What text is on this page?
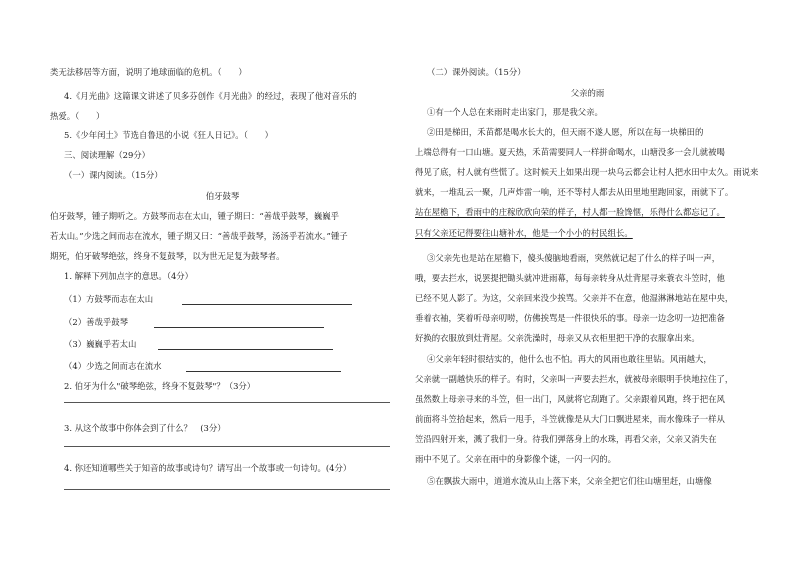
类无法移居等方面，说明了地球面临的危机。（　　）
4.《月光曲》这篇课文讲述了贝多芬创作《月光曲》的经过，表现了他对音乐的
热爱。（　　）
5.《少年闰土》节选自鲁迅的小说《狂人日记》。（　　）
三、阅读理解（29分）
（一）课内阅读。（15分）
伯牙鼓琴
伯牙鼓琴，锺子期听之。方鼓琴而志在太山，锺子期曰：“善哉乎鼓琴，巍巍乎
若太山。”少选之间而志在流水，锺子期又曰：“善哉乎鼓琴，汤汤乎若流水。”锺子
期死，伯牙破琴绝弦，终身不复鼓琴，以为世无足复为鼓琴者。
1. 解释下列加点字的意思。（4分）
（1）方鼓琴而志在太山
（2）善哉乎鼓琴
（3）巍巍乎若太山
（4）少选之间而志在流水
2. 伯牙为什么"破琴绝弦，终身不复鼓琴"？（3分）
3. 从这个故事中你体会到了什么？　(3分）
4. 你还知道哪些关于知音的故事或诗句？请写出一个故事或一句诗句。(4分）
（二）课外阅读。（15分）
父亲的雨
①有一个人总在来雨时走出家门，那是我父亲。
②田是梯田，禾苗都是喝水长大的，但天雨不遂人愿，所以在每一块梯田的
上端总得有一口山塘。夏天热，禾苗需要同人一样拼命喝水，山塘没多一会儿就被喝
得见了底，村人就有些慌了。这时候天上如果出现一块乌云都会让村人把水田中太久。雨说来
就来，一堆乱云一聚，几声炸雷一响，还不等村人都去从田里地里跑回家，雨就下了。
站在屋檐下，看雨中的庄稼欣欣向荣的样子，村人都一脸馋惬，乐得什么都忘记了。
只有父亲还记得要往山塘补水，他是一个小小的村民组长。
③父亲先也是站在屋檐下，傻头傻脑地看雨，突然就记起了什么的样子叫一声，
哦，要去拦水，说罢提把锄头就冲进雨幕，每每亲转身从灶背屋寻来蓑衣斗笠时，他
已经不见人影了。为这，父亲回来没少挨骂。父亲并不在意，他湿淋淋地站在屋中央，
垂着衣袖，笑着听母亲叨唠，仿佛挨骂是一件很快乐的事。母亲一边念叨一边把准备
好换的衣服放到灶背屋。父亲洗澡时，母亲又从衣柜里把干净的衣服拿出来。
④父亲年轻时很结实的，他什么也不怕。再大的风雨也敢往里钻。风雨越大，
父亲就一副越快乐的样子。有时，父亲叫一声要去拦水，就被母亲眼明手快地拉住了，
虽然数上母亲寻来的斗笠，但一出门，风就将它刮跑了。父亲跟着风跑，终于把在风
前面将斗笠拾起来，然后一甩手，斗笠就像是从大门口飘进屋来，而水像珠子一样从
笠沿四射开来，溅了我们一身。待我们弹落身上的水珠，再看父亲，父亲又消失在
雨中不见了。父亲在雨中的身影像个谜，一闪一闪的。
⑤在飘拔大雨中，道道水流从山上落下来，父亲全把它们往山塘里赶，山塘像
